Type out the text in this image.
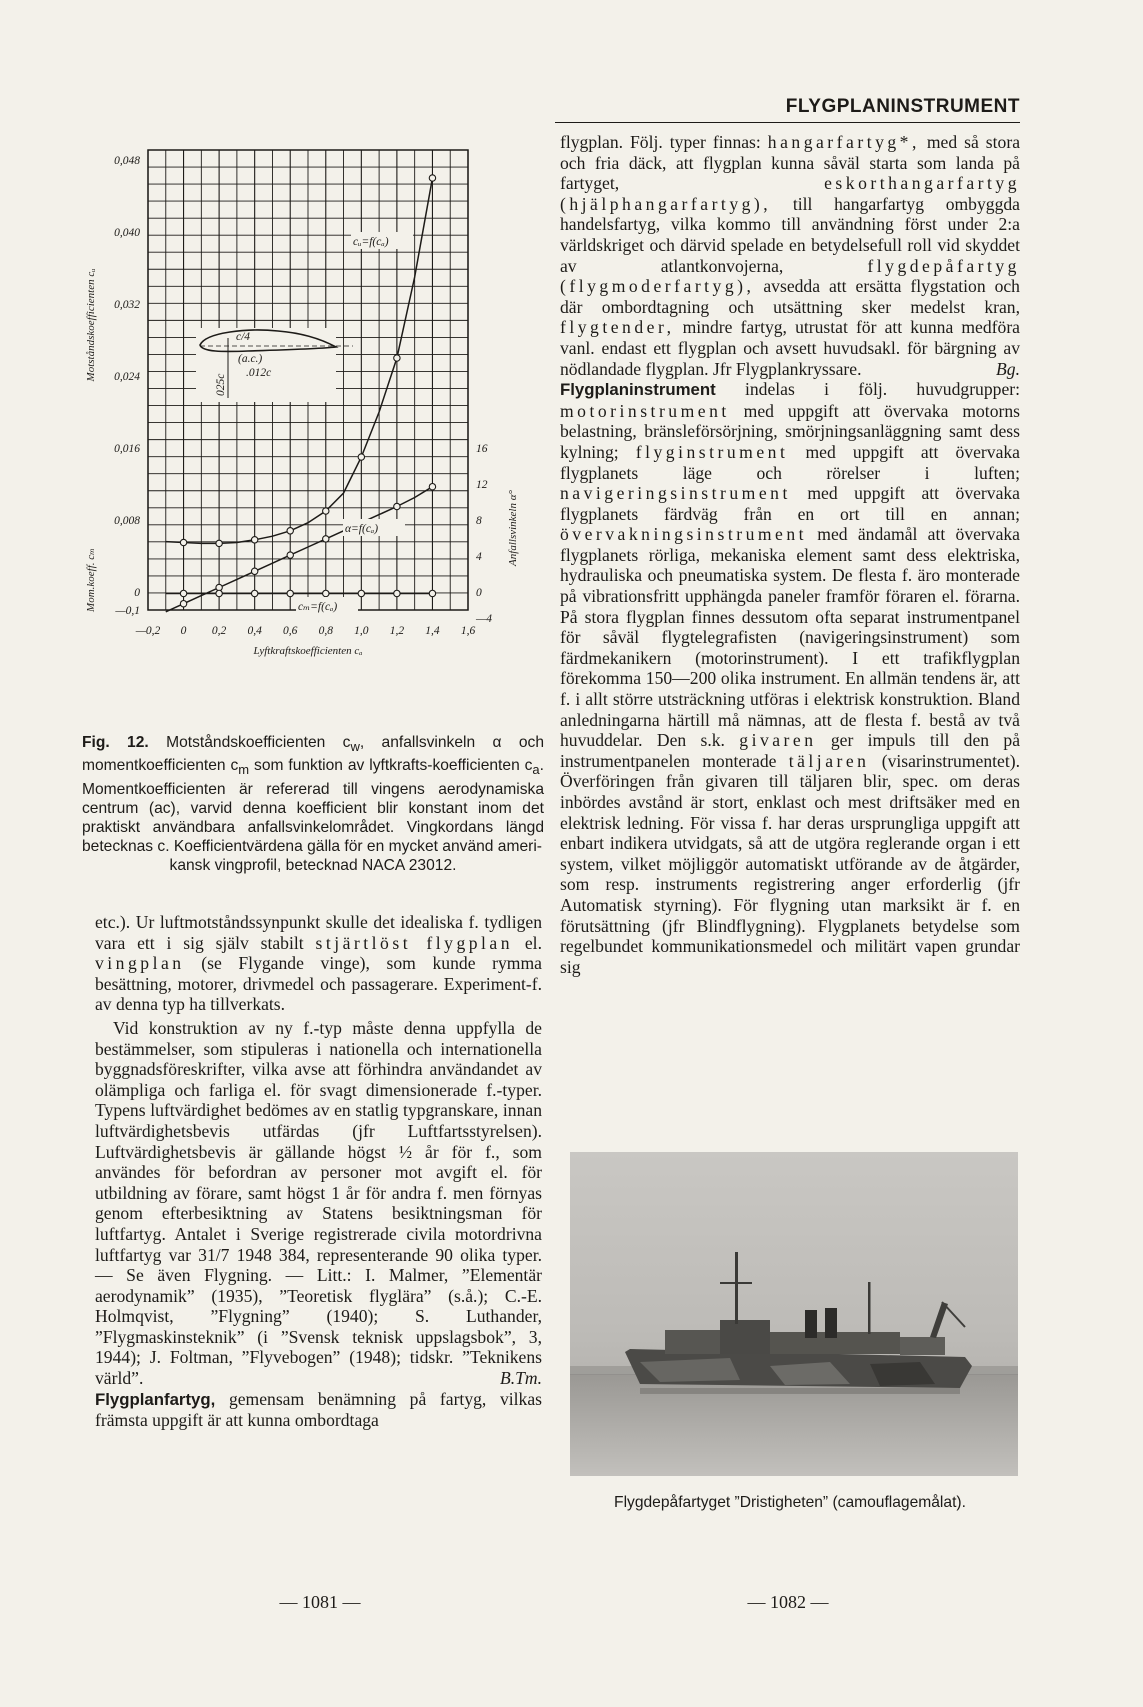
FLYGPLANINSTRUMENT
c/4
(a.c.)
.012c
025c
cᵤ=f(cₐ)
α=f(cₐ)
cₘ=f(cₐ)
0,048
0,040
0,032
0,024
0,016
0,008
0
—0,1
16
12
8
4
0
—4
—0,2 0 0,2 0,4 0,6 0,8 1,0 1,2 1,4 1,6
Lyftkraftskoefficienten cₐ
Motståndskoefficienten cᵤ
Mom.koeff. cₘ
Anfallsvinkeln α°
Fig. 12. Motståndskoefficienten $c_w$, anfallsvinkeln α och momentkoefficienten $c_m$ som funktion av lyftkrafts-koefficienten $c_a$. Momentkoefficienten är refererad till vingens aerodynamiska centrum (ac), varvid denna koefficient blir konstant inom det praktiskt användbara anfallsvinkelområdet. Vingkordans längd betecknas c. Koefficientvärdena gälla för en mycket använd ameri-
kansk vingprofil, betecknad NACA 23012.

etc.). Ur luftmotståndssynpunkt skulle det idealiska f. tydligen vara ett i sig själv stabilt stjärtlöst flygplan el. vingplan (se Flygande vinge), som kunde rymma besättning, motorer, drivmedel och passagerare. Experiment-f. av denna typ ha tillverkats.

Vid konstruktion av ny f.-typ måste denna uppfylla de bestämmelser, som stipuleras i nationella och internationella byggnadsföreskrifter, vilka avse att förhindra användandet av olämpliga och farliga el. för svagt dimensionerade f.-typer. Typens luftvärdighet bedömes av en statlig typgranskare, innan luftvärdighetsbevis utfärdas (jfr Luftfartsstyrelsen). Luftvärdighetsbevis är gällande högst ½ år för f., som användes för befordran av personer mot avgift el. för utbildning av förare, samt högst 1 år för andra f. men förnyas genom efterbesiktning av Statens besiktningsman för luftfartyg. Antalet i Sverige registrerade civila motordrivna luftfartyg var 31/7 1948 384, representerande 90 olika typer. — Se även Flygning. — Litt.: I. Malmer, ”Elementär aerodynamik” (1935), ”Teoretisk flyglära” (s.å.); C.-E. Holmqvist, ”Flygning” (1940); S. Luthander, ”Flygmaskinsteknik” (i ”Svensk teknisk uppslagsbok”, 3, 1944); J. Foltman, ”Flyvebogen” (1948); tidskr. ”Teknikens värld”.	B.Tm.

Flygplanfartyg, gemensam benämning på fartyg, vilkas främsta uppgift är att kunna ombordtaga

flygplan. Följ. typer finnas: hangarfartyg*, med så stora och fria däck, att flygplan kunna såväl starta som landa på fartyget,	eskorthangarfartyg (hjälphangarfartyg), till hangarfartyg ombyggda handelsfartyg, vilka kommo till användning först under 2:a världskriget och därvid spelade en betydelsefull roll vid skyddet av atlantkonvojerna,	flygdepåfartyg (flygmoderfartyg), avsedda att ersätta flygstation och där ombordtagning och utsättning sker medelst kran, flygtender, mindre fartyg, utrustat för att kunna medföra vanl. endast ett flygplan och avsett huvudsakl. för bärgning av nödlandade flygplan. Jfr Flygplankryssare.	Bg.

Flygplaninstrument indelas i följ. huvudgrupper: motorinstrument med uppgift att övervaka motorns belastning, bränsleförsörjning, smörjningsanläggning samt dess kylning; flyginstrument med uppgift att övervaka flygplanets läge och rörelser i luften; navigeringsinstrument med uppgift att övervaka flygplanets färdväg från en ort till en annan; övervakningsinstrument med ändamål att övervaka flygplanets rörliga, mekaniska element samt dess elektriska, hydrauliska och pneumatiska system. De flesta f. äro monterade på vibrationsfritt upphängda paneler framför föraren el. förarna. På stora flygplan finnes dessutom ofta separat instrumentpanel för såväl flygtelegrafisten (navigeringsinstrument) som färdmekanikern (motorinstrument). I ett trafikflygplan förekomma 150—200 olika instrument. En allmän tendens är, att f. i allt större utsträckning utföras i elektrisk konstruktion. Bland anledningarna härtill må nämnas, att de flesta f. bestå av två huvuddelar. Den s.k. givaren ger impuls till den på instrumentpanelen monterade täljaren (visarinstrumentet). Överföringen från givaren till täljaren blir, spec. om deras inbördes avstånd är stort, enklast och mest driftsäker med en elektrisk ledning. För vissa f. har deras ursprungliga uppgift att enbart indikera utvidgats, så att de utgöra reglerande organ i ett system, vilket möjliggör automatiskt utförande av de åtgärder, som resp. instruments registrering anger erforderlig (jfr Automatisk styrning). För flygning utan marksikt är f. en förutsättning (jfr Blindflygning). Flygplanets betydelse som regelbundet kommunikationsmedel och militärt vapen grundar sig

Flygdepåfartyget ”Dristigheten” (camouflagemålat).
— 1081 —	— 1082 —
